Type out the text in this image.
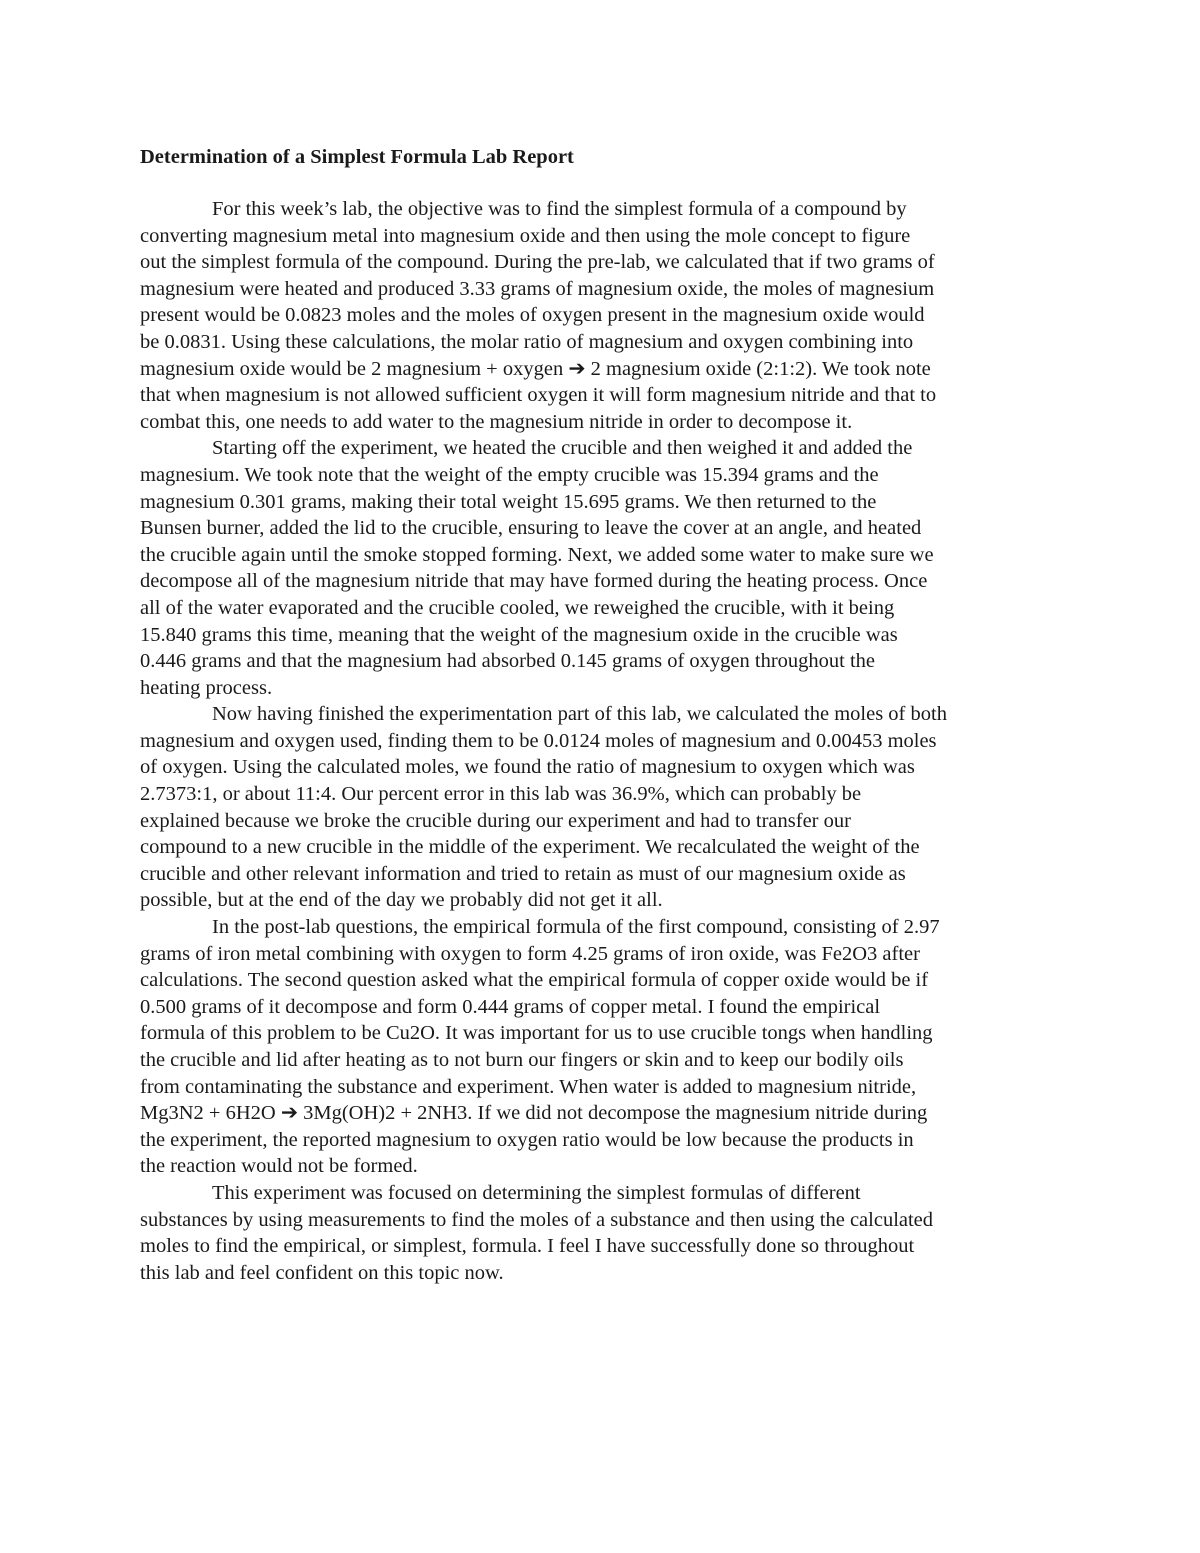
Determination of a Simplest Formula Lab Report
For this week’s lab, the objective was to find the simplest formula of a compound by
converting magnesium metal into magnesium oxide and then using the mole concept to figure
out the simplest formula of the compound. During the pre-lab, we calculated that if two grams of
magnesium were heated and produced 3.33 grams of magnesium oxide, the moles of magnesium
present would be 0.0823 moles and the moles of oxygen present in the magnesium oxide would
be 0.0831. Using these calculations, the molar ratio of magnesium and oxygen combining into
magnesium oxide would be 2 magnesium + oxygen ➔ 2 magnesium oxide (2:1:2). We took note
that when magnesium is not allowed sufficient oxygen it will form magnesium nitride and that to
combat this, one needs to add water to the magnesium nitride in order to decompose it.
Starting off the experiment, we heated the crucible and then weighed it and added the
magnesium. We took note that the weight of the empty crucible was 15.394 grams and the
magnesium 0.301 grams, making their total weight 15.695 grams. We then returned to the
Bunsen burner, added the lid to the crucible, ensuring to leave the cover at an angle, and heated
the crucible again until the smoke stopped forming. Next, we added some water to make sure we
decompose all of the magnesium nitride that may have formed during the heating process. Once
all of the water evaporated and the crucible cooled, we reweighed the crucible, with it being
15.840 grams this time, meaning that the weight of the magnesium oxide in the crucible was
0.446 grams and that the magnesium had absorbed 0.145 grams of oxygen throughout the
heating process.
Now having finished the experimentation part of this lab, we calculated the moles of both
magnesium and oxygen used, finding them to be 0.0124 moles of magnesium and 0.00453 moles
of oxygen. Using the calculated moles, we found the ratio of magnesium to oxygen which was
2.7373:1, or about 11:4. Our percent error in this lab was 36.9%, which can probably be
explained because we broke the crucible during our experiment and had to transfer our
compound to a new crucible in the middle of the experiment. We recalculated the weight of the
crucible and other relevant information and tried to retain as must of our magnesium oxide as
possible, but at the end of the day we probably did not get it all.
In the post-lab questions, the empirical formula of the first compound, consisting of 2.97
grams of iron metal combining with oxygen to form 4.25 grams of iron oxide, was Fe2O3 after
calculations. The second question asked what the empirical formula of copper oxide would be if
0.500 grams of it decompose and form 0.444 grams of copper metal. I found the empirical
formula of this problem to be Cu2O. It was important for us to use crucible tongs when handling
the crucible and lid after heating as to not burn our fingers or skin and to keep our bodily oils
from contaminating the substance and experiment. When water is added to magnesium nitride,
Mg3N2 + 6H2O ➔ 3Mg(OH)2 + 2NH3. If we did not decompose the magnesium nitride during
the experiment, the reported magnesium to oxygen ratio would be low because the products in
the reaction would not be formed.
This experiment was focused on determining the simplest formulas of different
substances by using measurements to find the moles of a substance and then using the calculated
moles to find the empirical, or simplest, formula. I feel I have successfully done so throughout
this lab and feel confident on this topic now.
